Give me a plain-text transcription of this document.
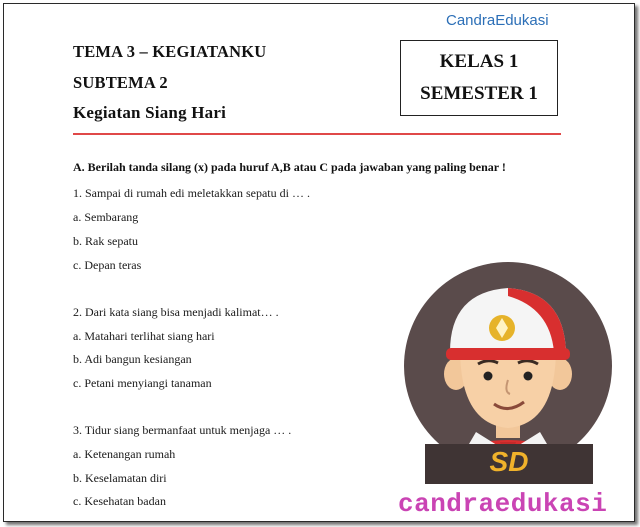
CandraEdukasi
TEMA 3 – KEGIATANKU
SUBTEMA 2
Kegiatan Siang Hari
KELAS 1
SEMESTER 1
A. Berilah tanda silang (x) pada huruf A,B atau C pada jawaban yang paling benar !
1. Sampai di rumah edi meletakkan sepatu di … .
a. Sembarang
b. Rak sepatu
c. Depan teras
2. Dari kata siang bisa menjadi kalimat… .
a. Matahari terlihat siang hari
b. Adi bangun kesiangan
c. Petani menyiangi tanaman
3. Tidur siang bermanfaat untuk menjaga … .
a. Ketenangan rumah
b. Keselamatan diri
c. Kesehatan badan
SD
candraedukasi
